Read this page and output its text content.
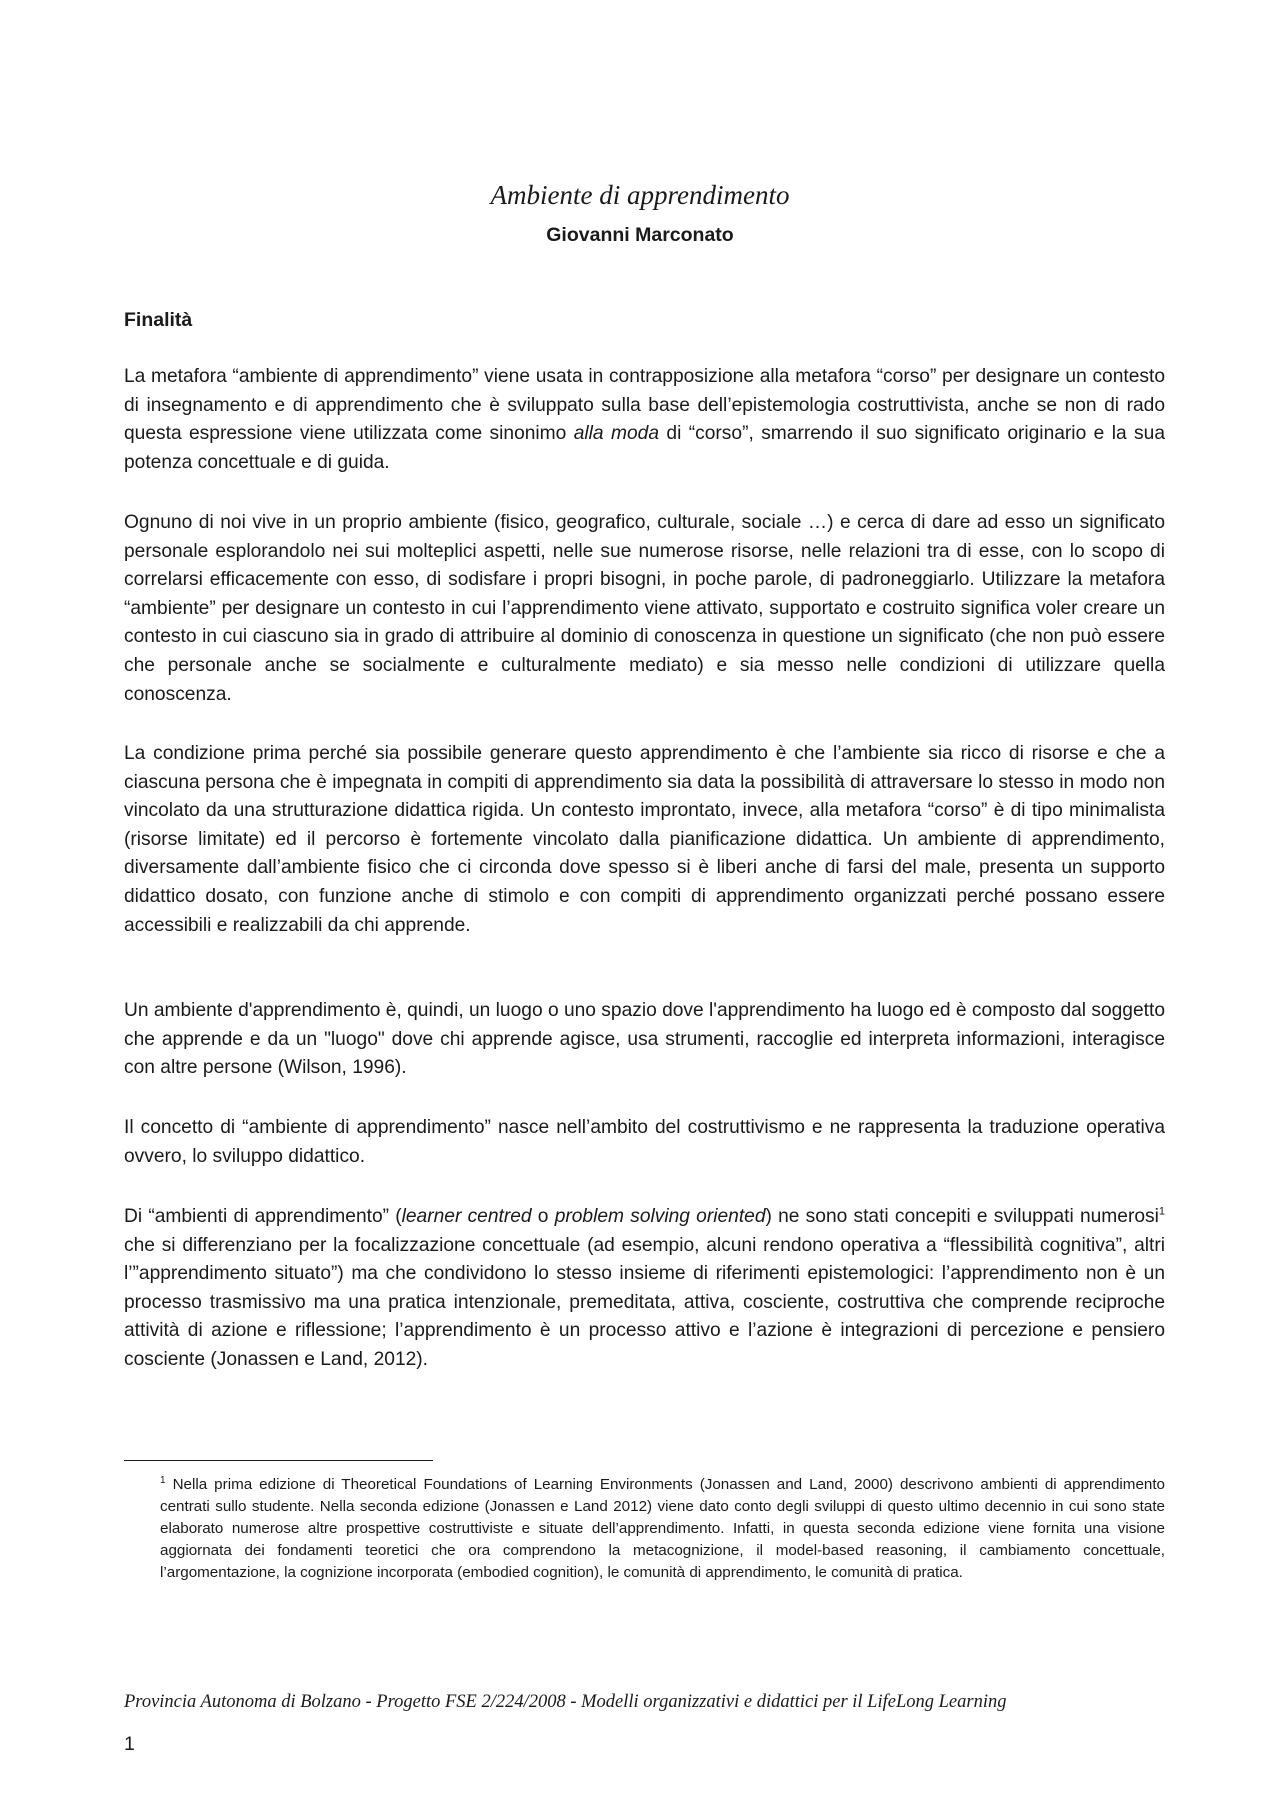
Ambiente di apprendimento
Giovanni Marconato
Finalità

La metafora “ambiente di apprendimento” viene usata in contrapposizione alla metafora “corso” per designare un contesto di insegnamento e di apprendimento che è sviluppato sulla base dell’epistemologia costruttivista, anche se non di rado questa espressione viene utilizzata come sinonimo alla moda di “corso”, smarrendo il suo significato originario e la sua potenza concettuale e di guida.

Ognuno di noi vive in un proprio ambiente (fisico, geografico, culturale, sociale …) e cerca di dare ad esso un significato personale esplorandolo nei sui molteplici aspetti, nelle sue numerose risorse, nelle relazioni tra di esse, con lo scopo di correlarsi efficacemente con esso, di sodisfare i propri bisogni, in poche parole, di padroneggiarlo. Utilizzare la metafora “ambiente” per designare un contesto in cui l’apprendimento viene attivato, supportato e costruito significa voler creare un contesto in cui ciascuno sia in grado di attribuire al dominio di conoscenza in questione un significato (che non può essere che personale anche se socialmente e culturalmente mediato) e sia messo nelle condizioni di utilizzare quella conoscenza.

La condizione prima perché sia possibile generare questo apprendimento è che l’ambiente sia ricco di risorse e che a ciascuna persona che è impegnata in compiti di apprendimento sia data la possibilità di attraversare lo stesso in modo non vincolato da una strutturazione didattica rigida. Un contesto improntato, invece, alla metafora “corso” è di tipo minimalista (risorse limitate) ed il percorso è fortemente vincolato dalla pianificazione didattica. Un ambiente di apprendimento, diversamente dall’ambiente fisico che ci circonda dove spesso si è liberi anche di farsi del male, presenta un supporto didattico dosato, con funzione anche di stimolo e con compiti di apprendimento organizzati perché possano essere accessibili e realizzabili da chi apprende.

Un ambiente d'apprendimento è, quindi, un luogo o uno spazio dove l'apprendimento ha luogo ed è composto dal soggetto che apprende e da un "luogo" dove chi apprende agisce, usa strumenti, raccoglie ed interpreta informazioni, interagisce con altre persone (Wilson, 1996).

Il concetto di “ambiente di apprendimento” nasce nell’ambito del costruttivismo e ne rappresenta la traduzione operativa ovvero, lo sviluppo didattico.

Di “ambienti di apprendimento” (learner centred o problem solving oriented) ne sono stati concepiti e sviluppati numerosi$^1$ che si differenziano per la focalizzazione concettuale (ad esempio, alcuni rendono operativa a “flessibilità cognitiva”, altri l’”apprendimento situato”) ma che condividono lo stesso insieme di riferimenti epistemologici: l’apprendimento non è un processo trasmissivo ma una pratica intenzionale, premeditata, attiva, cosciente, costruttiva che comprende reciproche attività di azione e riflessione; l’apprendimento è un processo attivo e l’azione è integrazioni di percezione e pensiero cosciente (Jonassen e Land, 2012).

$^1$ Nella prima edizione di Theoretical Foundations of Learning Environments (Jonassen and Land, 2000) descrivono ambienti di apprendimento centrati sullo studente. Nella seconda edizione (Jonassen e Land 2012) viene dato conto degli sviluppi di questo ultimo decennio in cui sono state elaborato numerose altre prospettive costruttiviste e situate dell’apprendimento. Infatti, in questa seconda edizione viene fornita una visione aggiornata dei fondamenti teoretici che ora comprendono la metacognizione, il model-based reasoning, il cambiamento concettuale, l’argomentazione, la cognizione incorporata (embodied cognition), le comunità di apprendimento, le comunità di pratica.

Provincia Autonoma di Bolzano - Progetto FSE 2/224/2008 - Modelli organizzativi e didattici per il LifeLong Learning
1
